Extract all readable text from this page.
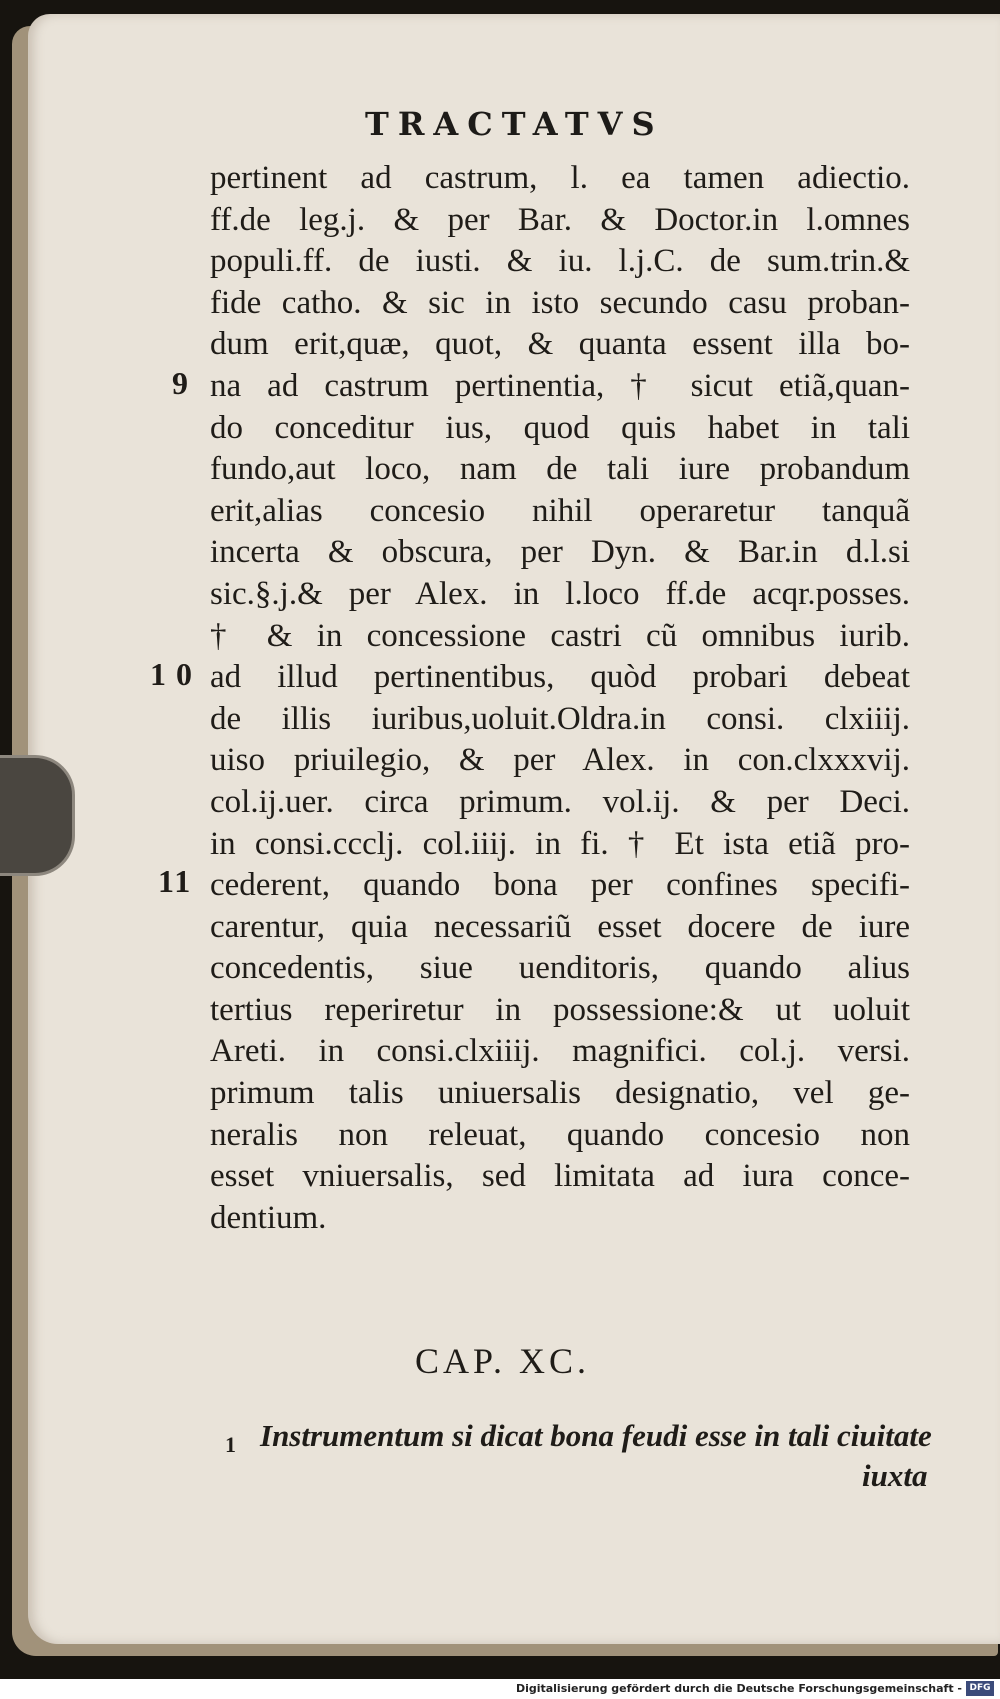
TRACTATVS
9
10
11
pertinent ad castrum, l. ea tamen adiectio.
ff.de leg.j. & per Bar. & Doctor.in l.omnes
populi.ff. de iusti. & iu. l.j.C. de sum.trin.&
fide catho. & sic in isto secundo casu proban-
dum erit,quæ, quot, & quanta essent illa bo-
na ad castrum pertinentia, † sicut etiã,quan-
do conceditur ius, quod quis habet in tali
fundo,aut loco, nam de tali iure probandum
erit,alias concesio nihil operaretur tanquã
incerta & obscura, per Dyn. & Bar.in d.l.si
sic.§.j.& per Alex. in l.loco ff.de acqr.posses.
† & in concessione castri cũ omnibus iurib.
ad illud pertinentibus, quòd probari debeat
de illis iuribus,uoluit.Oldra.in consi. clxiiij.
uiso priuilegio, & per Alex. in con.clxxxvij.
col.ij.uer. circa primum. vol.ij. & per Deci.
in consi.ccclj. col.iiij. in fi. † Et ista etiã pro-
cederent, quando bona per confines specifi-
carentur, quia necessariũ esset docere de iure
concedentis, siue uenditoris, quando alius
tertius reperiretur in possessione:& ut uoluit
Areti. in consi.clxiiij. magnifici. col.j. versi.
primum talis uniuersalis designatio, vel ge-
neralis non releuat, quando concesio non
esset vniuersalis, sed limitata ad iura conce-
dentium.
CAP. XC.
1 Instrumentum si dicat bona feudi esse in tali ciuitate
iuxta
Digitalisierung gefördert durch die Deutsche Forschungsgemeinschaft - DFG
